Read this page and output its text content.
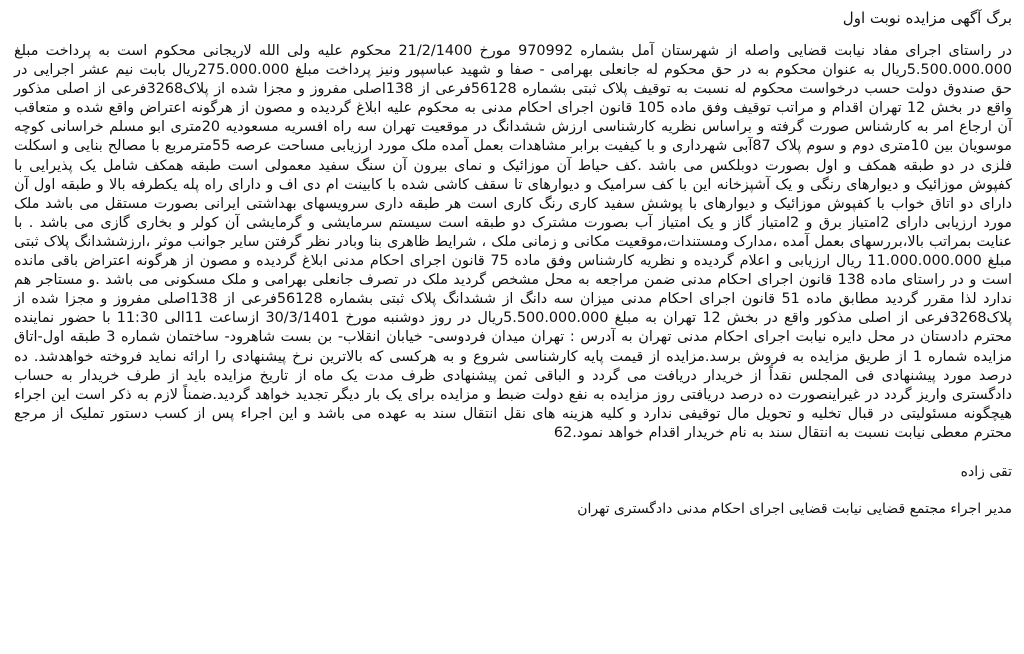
برگ آگهی مزایده نوبت اول

در راستای اجرای مفاد نیابت قضایی واصله از شهرستان آمل بشماره 970992 مورخ 21/2/1400 محکوم علیه ولی الله لاریجانی محکوم است به پرداخت مبلغ 5.500.000.000ریال به عنوان محکوم به در حق محکوم له جانعلی بهرامی - صفا و شهید عباسپور ونیز پرداخت مبلغ 275.000.000ریال بابت نیم عشر اجرایی در حق صندوق دولت حسب درخواست محکوم له نسبت به توقیف پلاک ثبتی بشماره 56128فرعی از 138اصلی مفروز و مجزا شده از پلاک3268فرعی از اصلی مذکور واقع در بخش 12 تهران اقدام و مراتب توقیف وفق ماده 105 قانون اجرای احکام مدنی به محکوم علیه ابلاغ گردیده و مصون از هرگونه اعتراض واقع شده و متعاقب آن ارجاع امر به کارشناس صورت گرفته و براساس نظریه کارشناسی ارزش ششدانگ در موقعیت تهران سه راه افسریه مسعودیه 20متری ابو مسلم خراسانی کوچه موسویان بین 10متری دوم و سوم پلاک 87آبی شهرداری و با کیفیت برابر مشاهدات بعمل آمده ملک مورد ارزیابی مساحت عرصه 55مترمربع با مصالح بنایی و اسکلت فلزی در دو طبقه همکف و اول بصورت دوبلکس می باشد .کف حیاط آن موزائیک و نمای بیرون آن سنگ سفید معمولی است طبقه همکف شامل یک پذیرایی با کفپوش موزائیک و دیوارهای رنگی و یک آشپزخانه این با کف سرامیک و دیوارهای تا سقف کاشی شده با کابینت ام دی اف و دارای راه پله یکطرفه بالا و طبقه اول آن دارای دو اتاق خواب با کفپوش موزائیک و دیوارهای با پوشش سفید کاری رنگ کاری است هر طبقه داری سرویسهای بهداشتی ایرانی بصورت مستقل می باشد ملک مورد ارزیابی دارای 2امتیاز برق و 2امتیاز گاز و یک امتیاز آب بصورت مشترک دو طبقه است سیستم سرمایشی و گرمایشی آن کولر و بخاری گازی می باشد . با عنایت بمراتب بالا،بررسهای بعمل آمده ،مدارک ومستندات،موقعیت مکانی و زمانی ملک ، شرایط ظاهری بنا وبادر نظر گرفتن سایر جوانب موثر ،ارزششدانگ پلاک ثبتی مبلغ 11.000.000.000 ریال ارزیابی و اعلام گردیده و نظریه کارشناس وفق ماده 75 قانون اجرای احکام مدنی ابلاغ گردیده و مصون از هرگونه اعتراض باقی مانده است و در راستای ماده 138 قانون اجرای احکام مدنی ضمن مراجعه به محل مشخص گردید ملک در تصرف جانعلی بهرامی و ملک مسکونی می باشد .و مستاجر هم ندارد لذا مقرر گردید مطابق ماده 51 قانون اجرای احکام مدنی میزان سه دانگ از ششدانگ پلاک ثبتی بشماره 56128فرعی از 138اصلی مفروز و مجزا شده از پلاک3268فرعی از اصلی مذکور واقع در بخش 12 تهران به مبلغ 5.500.000.000ریال در روز دوشنبه مورخ 30/3/1401 ازساعت 11الی 11:30 با حضور نماینده محترم دادستان در محل دایره نیابت اجرای احکام مدنی تهران به آدرس : تهران میدان فردوسی- خیابان انقلاب- بن بست شاهرود- ساختمان شماره 3 طبقه اول-اتاق مزایده شماره 1 از طریق مزایده به فروش برسد.مزایده از قیمت پایه کارشناسی شروع و به هرکسی که بالاترین نرخ پیشنهادی را ارائه نماید فروخته خواهدشد. ده درصد مورد پیشنهادی فی المجلس نقداً از خریدار دریافت می گردد و الباقی ثمن پیشنهادی ظرف مدت یک ماه از تاریخ مزایده باید از طرف خریدار به حساب دادگستری واریز گردد در غیراینصورت ده درصد دریافتی روز مزایده به نفع دولت ضبط و مزایده برای یک بار دیگر تجدید خواهد گردید.ضمناً لازم به ذکر است این اجراء هیچگونه مسئولیتی در قبال تخلیه و تحویل مال توقیفی ندارد و کلیه هزینه های نقل انتقال سند به عهده می باشد و این اجراء پس از کسب دستور تملیک از مرجع محترم معطی نیابت نسبت به انتقال سند به نام خریدار اقدام خواهد نمود.62

تقی زاده
مدیر اجراء مجتمع قضایی نیابت قضایی اجرای احکام مدنی دادگستری تهران
